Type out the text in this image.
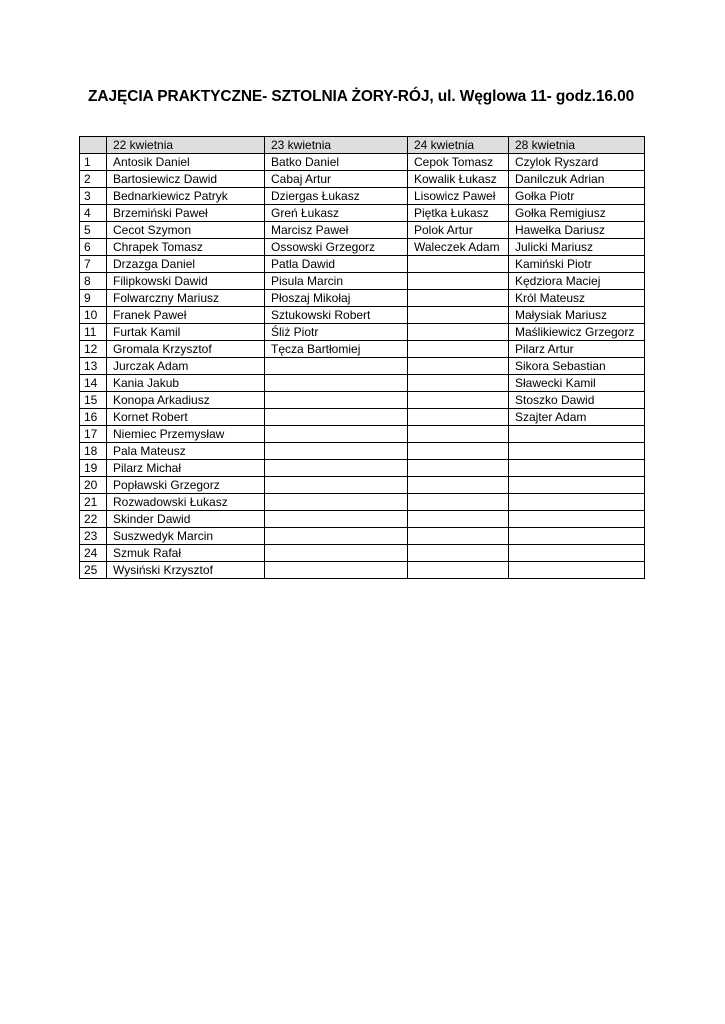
ZAJĘCIA PRAKTYCZNE- SZTOLNIA ŻORY-RÓJ, ul. Węglowa 11- godz.16.00
	22 kwietnia	23 kwietnia	24 kwietnia	28 kwietnia
1	Antosik Daniel	Batko Daniel	Cepok Tomasz	Czylok Ryszard
2	Bartosiewicz Dawid	Cabaj Artur	Kowalik Łukasz	Danilczuk Adrian
3	Bednarkiewicz Patryk	Dziergas Łukasz	Lisowicz Paweł	Gołka Piotr
4	Brzemiński Paweł	Greń Łukasz	Piętka Łukasz	Gołka Remigiusz
5	Cecot Szymon	Marcisz Paweł	Polok Artur	Hawełka Dariusz
6	Chrapek Tomasz	Ossowski Grzegorz	Waleczek Adam	Julicki Mariusz
7	Drzazga Daniel	Patla Dawid		Kamiński Piotr
8	Filipkowski Dawid	Pisula Marcin		Kędziora Maciej
9	Folwarczny Mariusz	Płoszaj Mikołaj		Król Mateusz
10	Franek Paweł	Sztukowski Robert		Małysiak Mariusz
11	Furtak Kamil	Śliż Piotr		Maślikiewicz Grzegorz
12	Gromala Krzysztof	Tęcza Bartłomiej		Pilarz Artur
13	Jurczak Adam			Sikora Sebastian
14	Kania Jakub			Sławecki Kamil
15	Konopa Arkadiusz			Stoszko Dawid
16	Kornet Robert			Szajter Adam
17	Niemiec Przemysław			
18	Pala Mateusz			
19	Pilarz Michał			
20	Popławski Grzegorz			
21	Rozwadowski Łukasz			
22	Skinder Dawid			
23	Suszwedyk Marcin			
24	Szmuk Rafał			
25	Wysiński Krzysztof			
